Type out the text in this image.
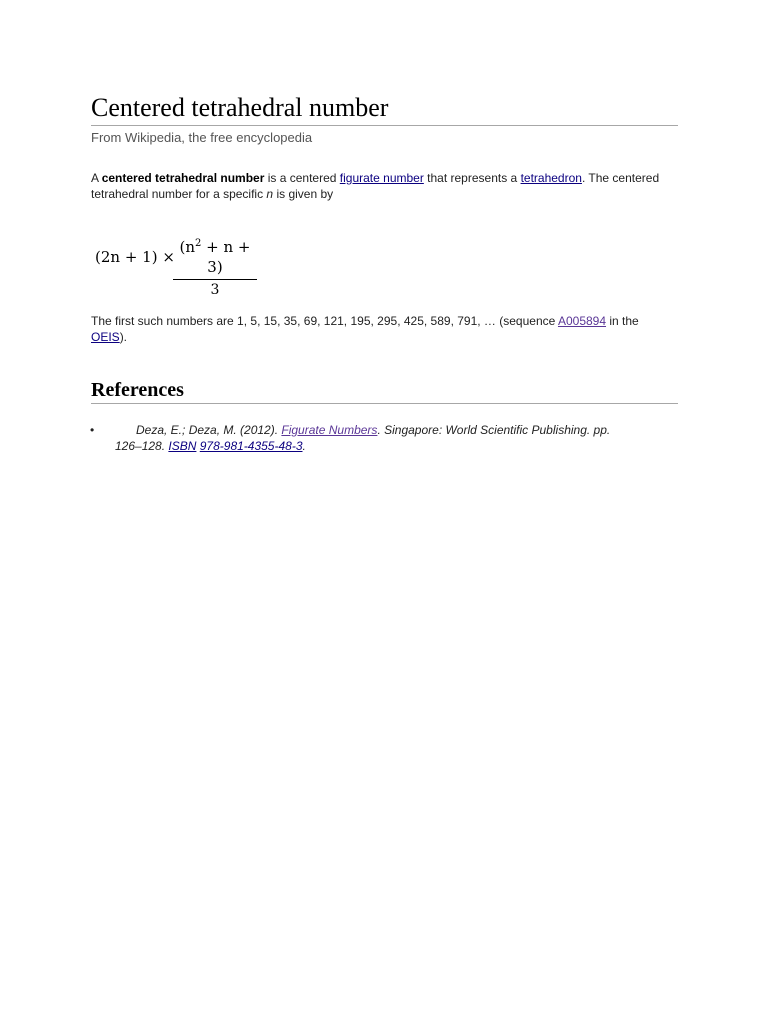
Centered tetrahedral number
From Wikipedia, the free encyclopedia

A centered tetrahedral number is a centered figurate number that represents a tetrahedron. The centered tetrahedral number for a specific n is given by

(2n + 1) ×
$(n^2 + n + 3)$
3

The first such numbers are 1, 5, 15, 35, 69, 121, 195, 295, 425, 589, 791, … (sequence A005894 in the OEIS).

References
•	Deza, E.; Deza, M. (2012). Figurate Numbers. Singapore: World Scientific Publishing. pp. 126–128. ISBN 978-981-4355-48-3.
